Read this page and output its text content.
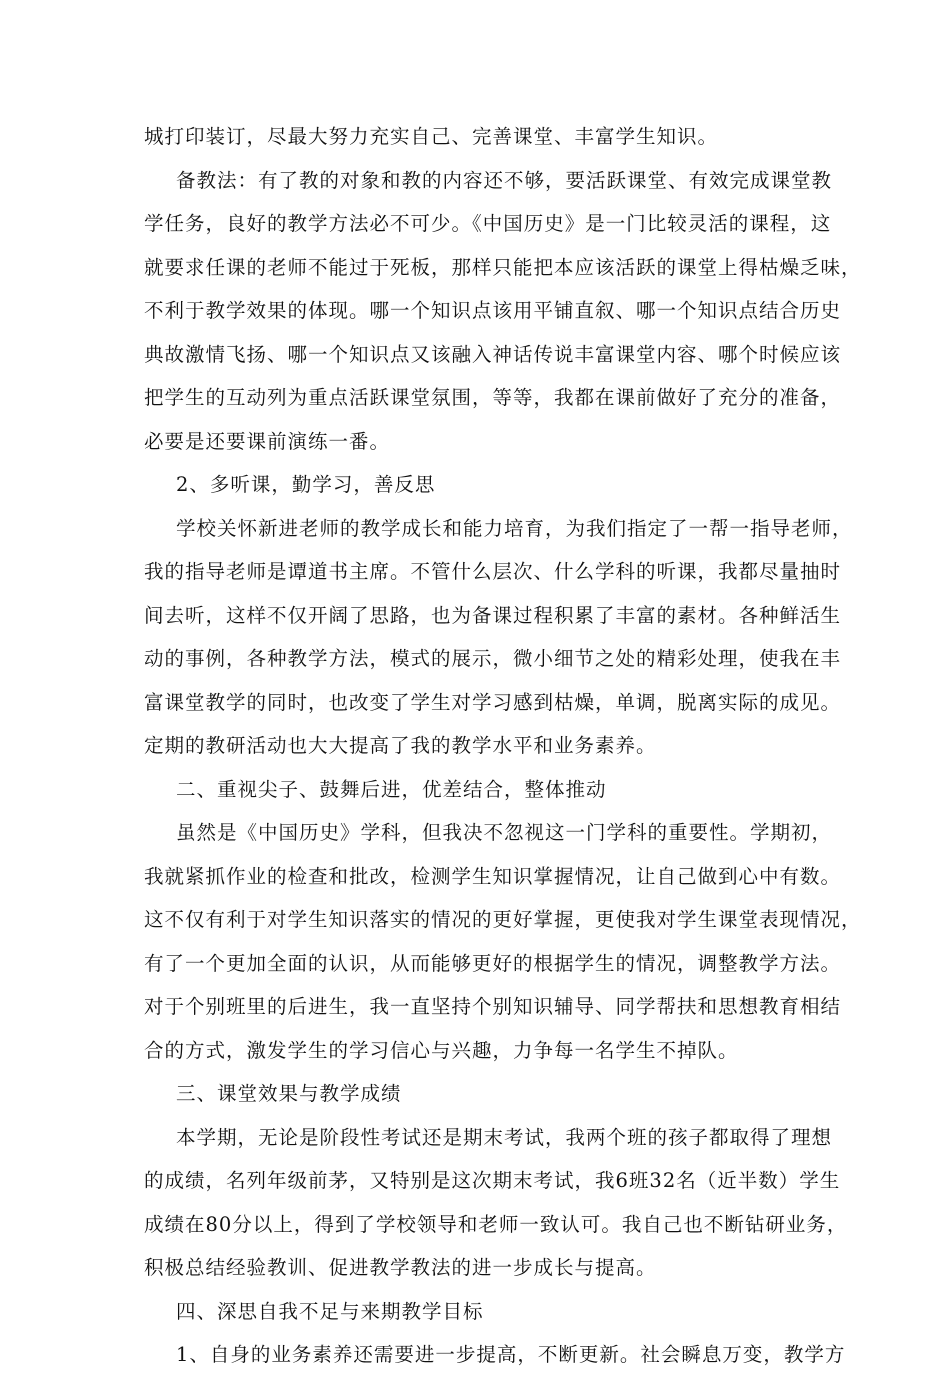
城打印装订，尽最大努力充实自己、完善课堂、丰富学生知识。
备教法：有了教的对象和教的内容还不够，要活跃课堂、有效完成课堂教
学任务，良好的教学方法必不可少。《中国历史》是一门比较灵活的课程，这
就要求任课的老师不能过于死板，那样只能把本应该活跃的课堂上得枯燥乏味，
不利于教学效果的体现。哪一个知识点该用平铺直叙、哪一个知识点结合历史
典故激情飞扬、哪一个知识点又该融入神话传说丰富课堂内容、哪个时候应该
把学生的互动列为重点活跃课堂氛围，等等，我都在课前做好了充分的准备，
必要是还要课前演练一番。
2、多听课，勤学习，善反思
学校关怀新进老师的教学成长和能力培育，为我们指定了一帮一指导老师，
我的指导老师是谭道书主席。不管什么层次、什么学科的听课，我都尽量抽时
间去听，这样不仅开阔了思路，也为备课过程积累了丰富的素材。各种鲜活生
动的事例，各种教学方法，模式的展示，微小细节之处的精彩处理，使我在丰
富课堂教学的同时，也改变了学生对学习感到枯燥，单调，脱离实际的成见。
定期的教研活动也大大提高了我的教学水平和业务素养。
二、重视尖子、鼓舞后进，优差结合，整体推动
虽然是《中国历史》学科，但我决不忽视这一门学科的重要性。学期初，
我就紧抓作业的检查和批改，检测学生知识掌握情况，让自己做到心中有数。
这不仅有利于对学生知识落实的情况的更好掌握，更使我对学生课堂表现情况，
有了一个更加全面的认识，从而能够更好的根据学生的情况，调整教学方法。
对于个别班里的后进生，我一直坚持个别知识辅导、同学帮扶和思想教育相结
合的方式，激发学生的学习信心与兴趣，力争每一名学生不掉队。
三、课堂效果与教学成绩
本学期，无论是阶段性考试还是期末考试，我两个班的孩子都取得了理想
的成绩，名列年级前茅，又特别是这次期末考试，我6班32名（近半数）学生
成绩在80分以上，得到了学校领导和老师一致认可。我自己也不断钻研业务，
积极总结经验教训、促进教学教法的进一步成长与提高。
四、深思自我不足与来期教学目标
1、自身的业务素养还需要进一步提高，不断更新。社会瞬息万变，教学方
